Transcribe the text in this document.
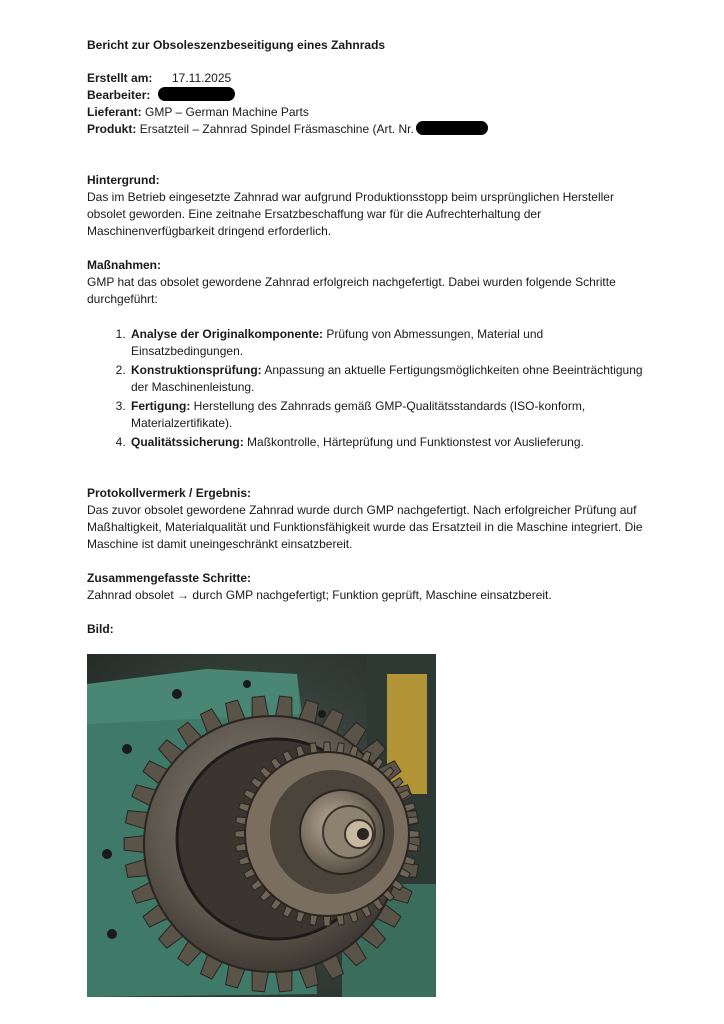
Bericht zur Obsoleszenzbeseitigung eines Zahnrads
Erstellt am:	17.11.2025
Bearbeiter:
Lieferant: GMP – German Machine Parts
Produkt: Ersatzteil – Zahnrad Spindel Fräsmaschine (Art. Nr.
Hintergrund:

Das im Betrieb eingesetzte Zahnrad war aufgrund Produktionsstopp beim ursprünglichen Hersteller obsolet geworden. Eine zeitnahe Ersatzbeschaffung war für die Aufrechterhaltung der Maschinenverfügbarkeit dringend erforderlich.

Maßnahmen:

GMP hat das obsolet gewordene Zahnrad erfolgreich nachgefertigt. Dabei wurden folgende Schritte durchgeführt:

1. Analyse der Originalkomponente: Prüfung von Abmessungen, Material und Einsatzbedingungen.
2. Konstruktionsprüfung: Anpassung an aktuelle Fertigungsmöglichkeiten ohne Beeinträchtigung der Maschinenleistung.
3. Fertigung: Herstellung des Zahnrads gemäß GMP-Qualitätsstandards (ISO-konform, Materialzertifikate).
4. Qualitätssicherung: Maßkontrolle, Härteprüfung und Funktionstest vor Auslieferung.
Protokollvermerk / Ergebnis:

Das zuvor obsolet gewordene Zahnrad wurde durch GMP nachgefertigt. Nach erfolgreicher Prüfung auf Maßhaltigkeit, Materialqualität und Funktionsfähigkeit wurde das Ersatzteil in die Maschine integriert. Die Maschine ist damit uneingeschränkt einsatzbereit.

Zusammengefasste Schritte:

Zahnrad obsolet → durch GMP nachgefertigt; Funktion geprüft, Maschine einsatzbereit.

Bild:
